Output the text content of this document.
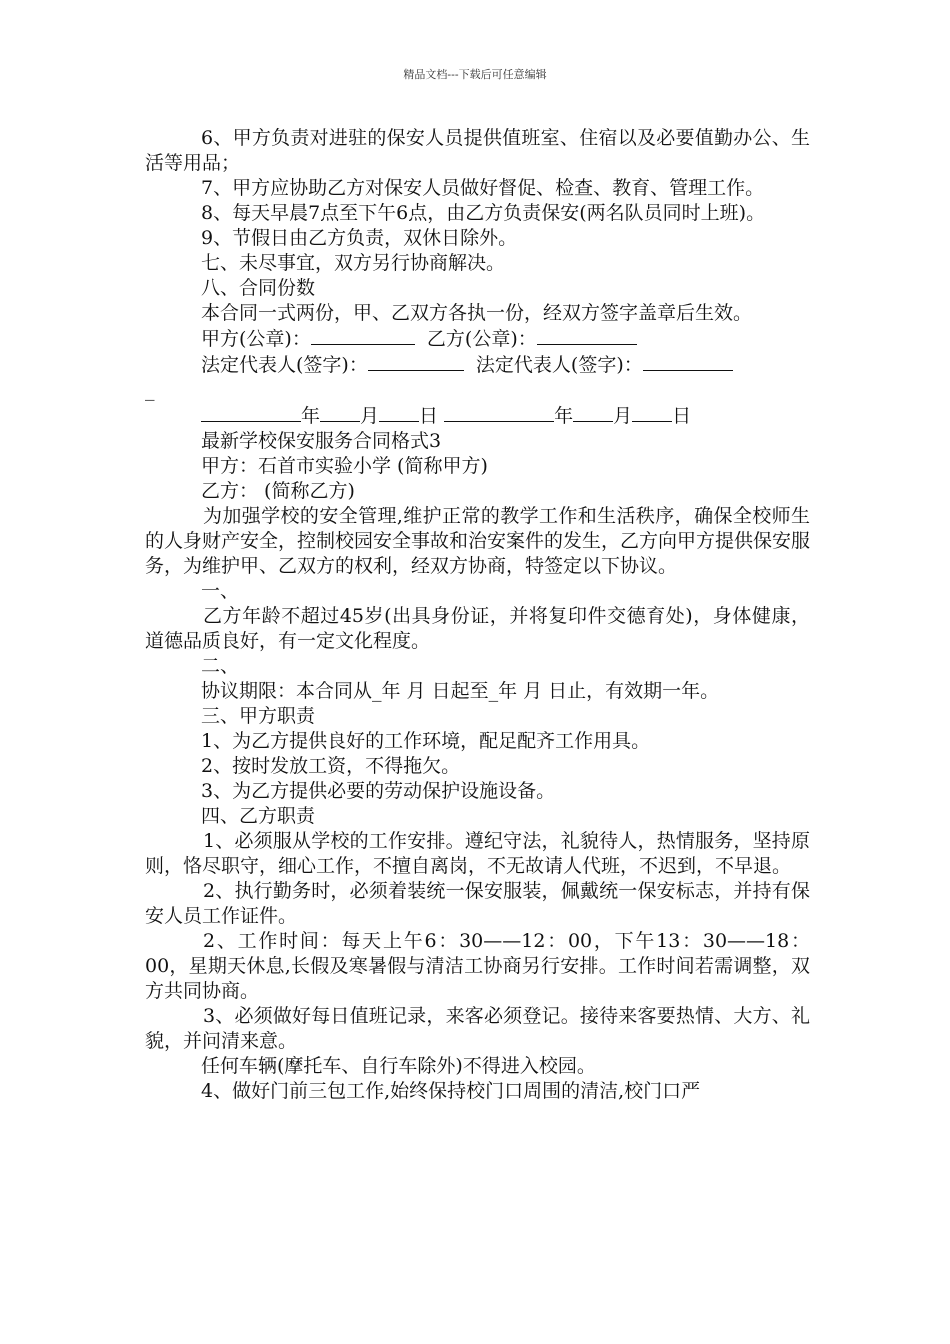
精品文档---下载后可任意编辑

6、甲方负责对进驻的保安人员提供值班室、住宿以及必要值勤办公、生活等用品；

7、甲方应协助乙方对保安人员做好督促、检查、教育、管理工作。

8、每天早晨7点至下午6点，由乙方负责保安(两名队员同时上班)。

9、节假日由乙方负责，双休日除外。

七、未尽事宜，双方另行协商解决。

八、合同份数

本合同一式两份，甲、乙双方各执一份，经双方签字盖章后生效。

甲方(公章)：	乙方(公章)：

法定代表人(签字)：	法定代表人(签字)：

_

年 月 日	年 月 日

最新学校保安服务合同格式3

甲方：石首市实验小学 (简称甲方)

乙方： (简称乙方)

为加强学校的安全管理,维护正常的教学工作和生活秩序，确保全校师生的人身财产安全，控制校园安全事故和治安案件的发生，乙方向甲方提供保安服务，为维护甲、乙双方的权利，经双方协商，特签定以下协议。

一、

乙方年龄不超过45岁(出具身份证，并将复印件交德育处)，身体健康，道德品质良好，有一定文化程度。

二、

协议期限：本合同从_年 月 日起至_年 月 日止，有效期一年。

三、甲方职责

1、为乙方提供良好的工作环境，配足配齐工作用具。

2、按时发放工资，不得拖欠。

3、为乙方提供必要的劳动保护设施设备。

四、乙方职责

1、必须服从学校的工作安排。遵纪守法，礼貌待人，热情服务，坚持原则，恪尽职守，细心工作，不擅自离岗，不无故请人代班，不迟到，不早退。

2、执行勤务时，必须着装统一保安服装，佩戴统一保安标志，并持有保安人员工作证件。

2、工作时间：每天上午6：30——12：00，下午13：30——18：00，星期天休息,长假及寒暑假与清洁工协商另行安排。工作时间若需调整，双方共同协商。

3、必须做好每日值班记录，来客必须登记。接待来客要热情、大方、礼貌，并问清来意。

任何车辆(摩托车、自行车除外)不得进入校园。

4、做好门前三包工作,始终保持校门口周围的清洁,校门口严
